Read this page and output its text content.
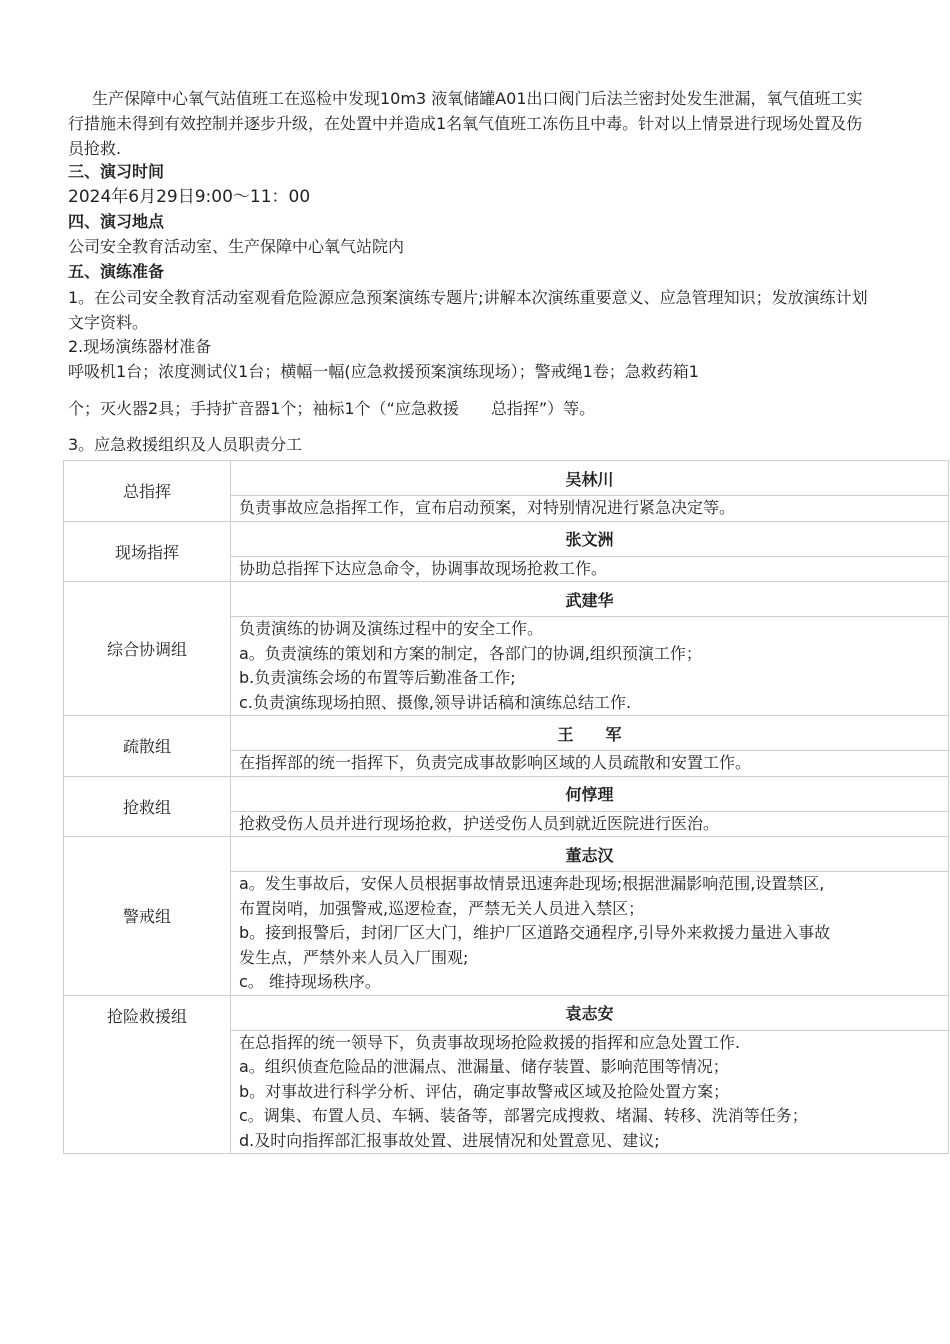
生产保障中心氧气站值班工在巡检中发现10m3 液氧储罐A01出口阀门后法兰密封处发生泄漏，氧气值班工实行措施未得到有效控制并逐步升级，在处置中并造成1名氧气值班工冻伤且中毒。针对以上情景进行现场处置及伤员抢救.

三、演习时间

2024年6月29日9:00～11：00

四、演习地点

公司安全教育活动室、生产保障中心氧气站院内

五、演练准备

1。在公司安全教育活动室观看危险源应急预案演练专题片;讲解本次演练重要意义、应急管理知识；发放演练计划文字资料。

2.现场演练器材准备

呼吸机1台；浓度测试仪1台；横幅一幅(应急救援预案演练现场）；警戒绳1卷；急救药箱1

个；灭火器2具；手持扩音器1个；袖标1个（“应急救援　　总指挥”）等。

3。应急救援组织及人员职责分工

总指挥	吴林川

	负责事故应急指挥工作，宣布启动预案，对特别情况进行紧急决定等。

现场指挥	张文洲

	协助总指挥下达应急命令，协调事故现场抢救工作。

综合协调组	武建华

	负责演练的协调及演练过程中的安全工作。
a。负责演练的策划和方案的制定，各部门的协调,组织预演工作；
b.负责演练会场的布置等后勤准备工作;
c.负责演练现场拍照、摄像,领导讲话稿和演练总结工作.

疏散组	王　　军

	在指挥部的统一指挥下，负责完成事故影响区域的人员疏散和安置工作。

抢救组	何惇理

	抢救受伤人员并进行现场抢救，护送受伤人员到就近医院进行医治。

警戒组	董志汉

	a。发生事故后，安保人员根据事故情景迅速奔赴现场;根据泄漏影响范围,设置禁区,
布置岗哨，加强警戒,巡逻检查，严禁无关人员进入禁区；
b。接到报警后，封闭厂区大门，维护厂区道路交通程序,引导外来救援力量进入事故
发生点，严禁外来人员入厂围观;
c。 维持现场秩序。

抢险救援组	袁志安

	在总指挥的统一领导下，负责事故现场抢险救援的指挥和应急处置工作.
a。组织侦查危险品的泄漏点、泄漏量、储存装置、影响范围等情况；
b。对事故进行科学分析、评估，确定事故警戒区域及抢险处置方案；
c。调集、布置人员、车辆、装备等，部署完成搜救、堵漏、转移、洗消等任务；
d.及时向指挥部汇报事故处置、进展情况和处置意见、建议;
